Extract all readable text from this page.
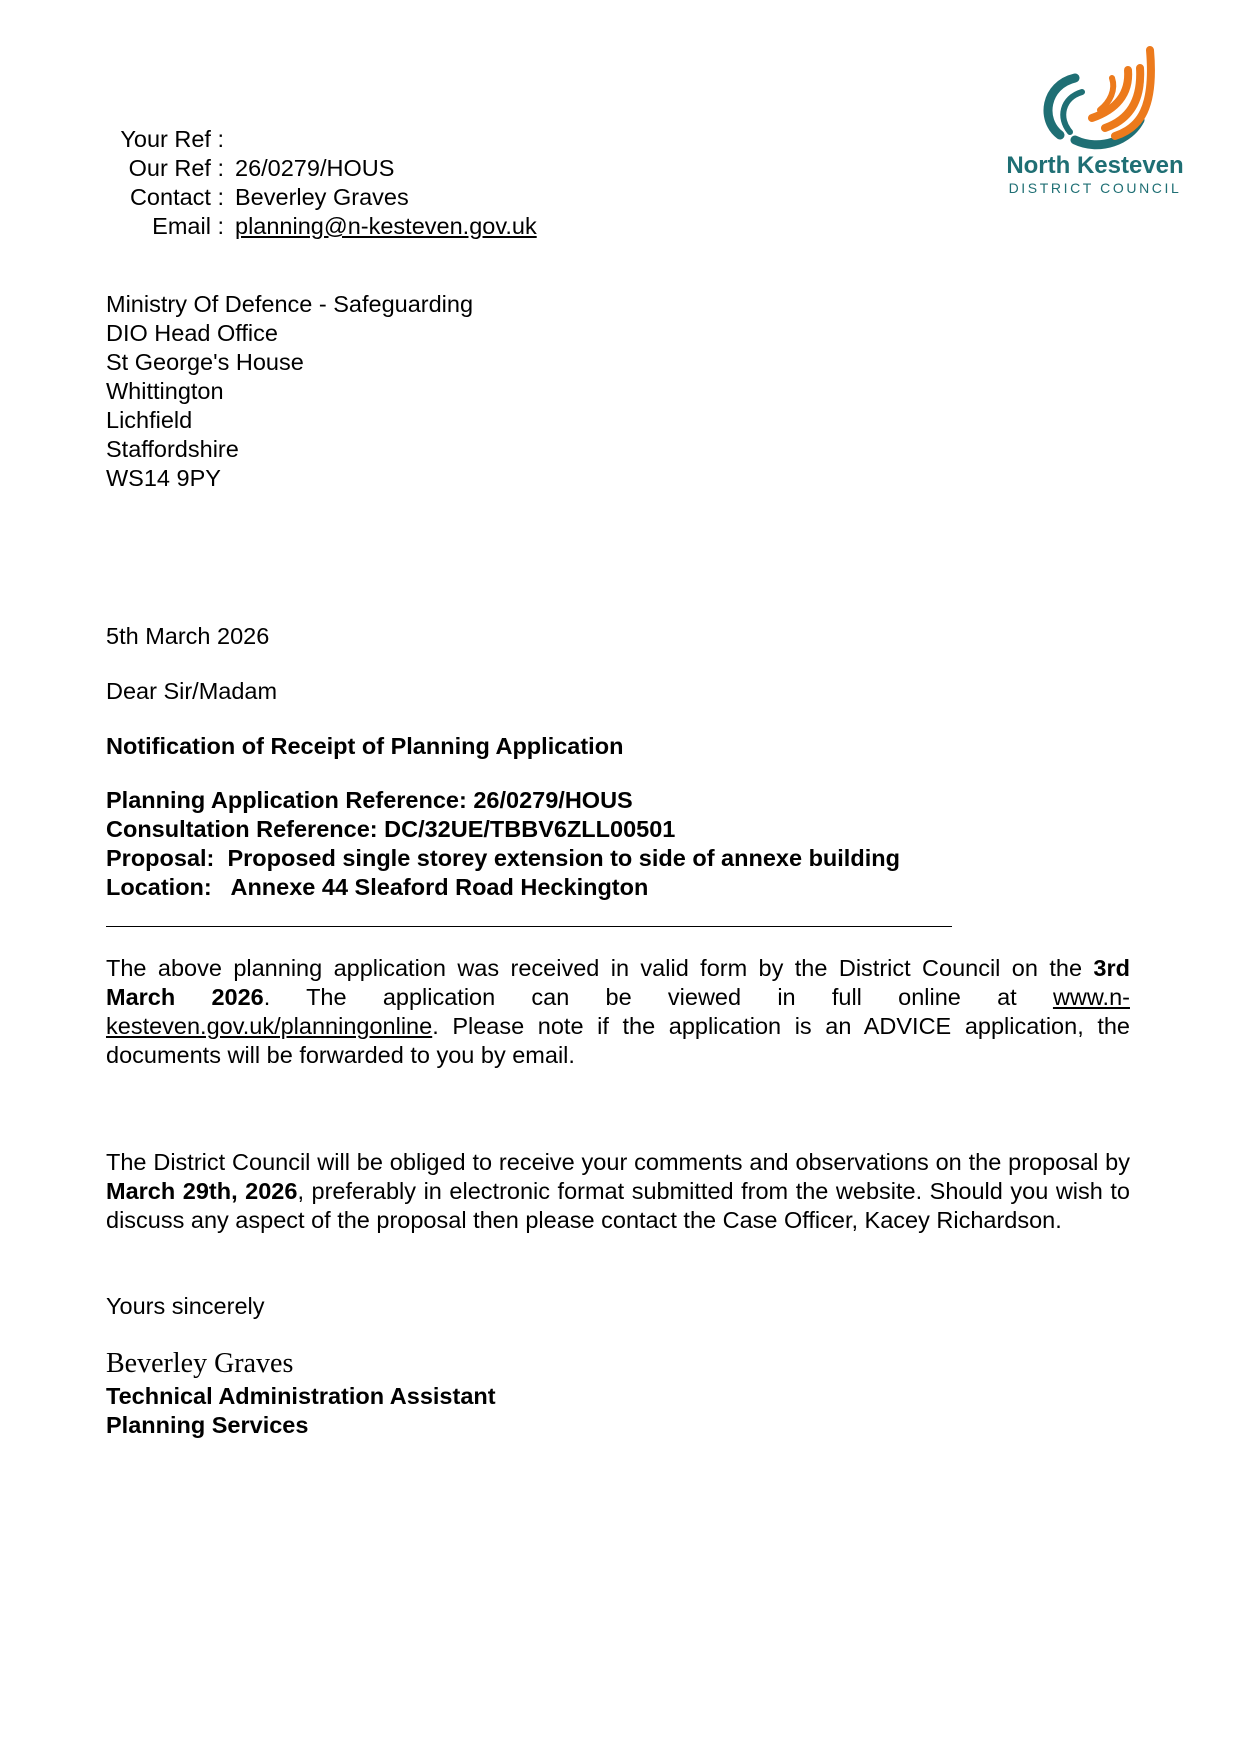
Your Ref :
Our Ref : 26/0279/HOUS
Contact : Beverley Graves
Email : planning@n-kesteven.gov.uk
North Kesteven
DISTRICT COUNCIL
Ministry Of Defence - Safeguarding
DIO Head Office
St George's House
Whittington
Lichfield
Staffordshire
WS14 9PY
5th March 2026
Dear Sir/Madam
Notification of Receipt of Planning Application
Planning Application Reference: 26/0279/HOUS
Consultation Reference: DC/32UE/TBBV6ZLL00501
Proposal: Proposed single storey extension to side of annexe building
Location: Annexe 44 Sleaford Road Heckington
The above planning application was received in valid form by the District Council on the 3rd March 2026. The application can be viewed in full online at www.n-kesteven.gov.uk/planningonline. Please note if the application is an ADVICE application, the documents will be forwarded to you by email.
The District Council will be obliged to receive your comments and observations on the proposal by March 29th, 2026, preferably in electronic format submitted from the website. Should you wish to discuss any aspect of the proposal then please contact the Case Officer, Kacey Richardson.
Yours sincerely
Beverley Graves
Technical Administration Assistant
Planning Services
